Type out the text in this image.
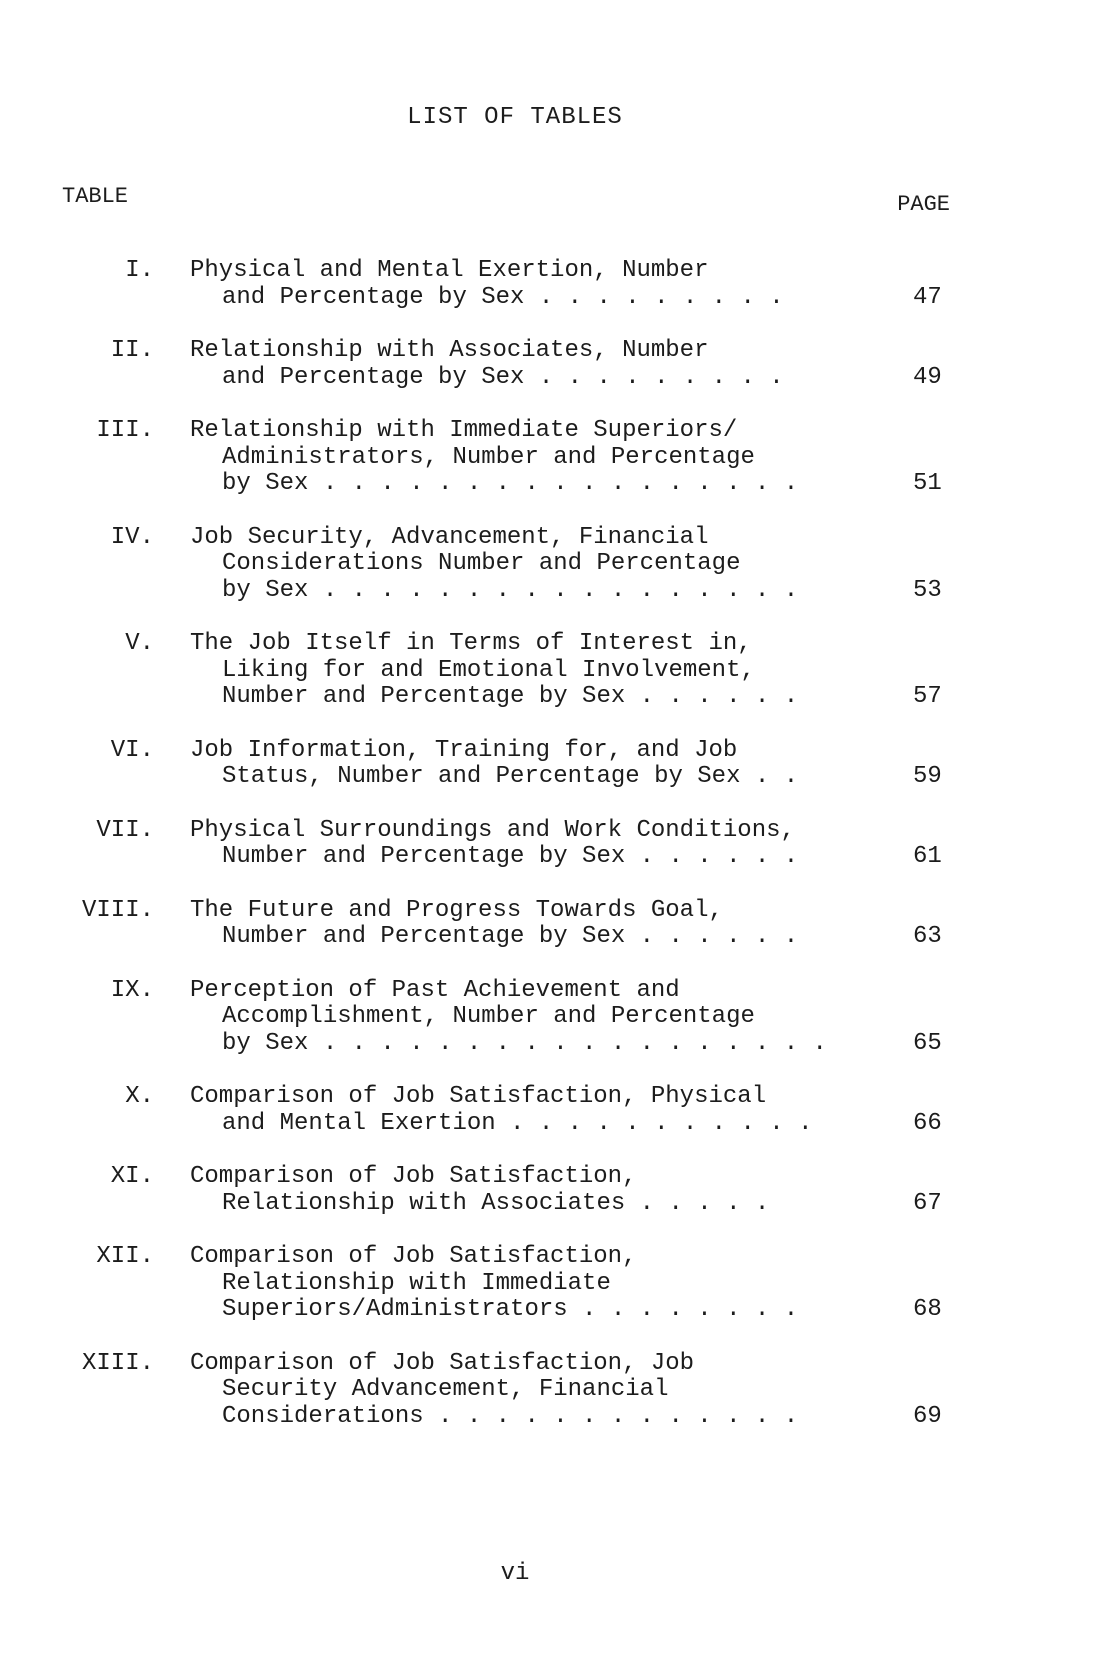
LIST OF TABLES
TABLE	PAGE
I. Physical and Mental Exertion, Number
and Percentage by Sex . . . . . . . . .	47
II. Relationship with Associates, Number
and Percentage by Sex . . . . . . . . .	49
III. Relationship with Immediate Superiors/
Administrators, Number and Percentage
by Sex . . . . . . . . . . . . . . . . .	51
IV. Job Security, Advancement, Financial
Considerations Number and Percentage
by Sex . . . . . . . . . . . . . . . . .	53
V. The Job Itself in Terms of Interest in,
Liking for and Emotional Involvement,
Number and Percentage by Sex . . . . . .	57
VI. Job Information, Training for, and Job
Status, Number and Percentage by Sex . .	59
VII. Physical Surroundings and Work Conditions,
Number and Percentage by Sex . . . . . .	61
VIII. The Future and Progress Towards Goal,
Number and Percentage by Sex . . . . . .	63
IX. Perception of Past Achievement and
Accomplishment, Number and Percentage
by Sex . . . . . . . . . . . . . . . . . .	65
X. Comparison of Job Satisfaction, Physical
and Mental Exertion . . . . . . . . . . .	66
XI. Comparison of Job Satisfaction,
Relationship with Associates . . . . .	67
XII. Comparison of Job Satisfaction,
Relationship with Immediate
Superiors/Administrators . . . . . . . .	68
XIII. Comparison of Job Satisfaction, Job
Security Advancement, Financial
Considerations . . . . . . . . . . . . .	69
vi
